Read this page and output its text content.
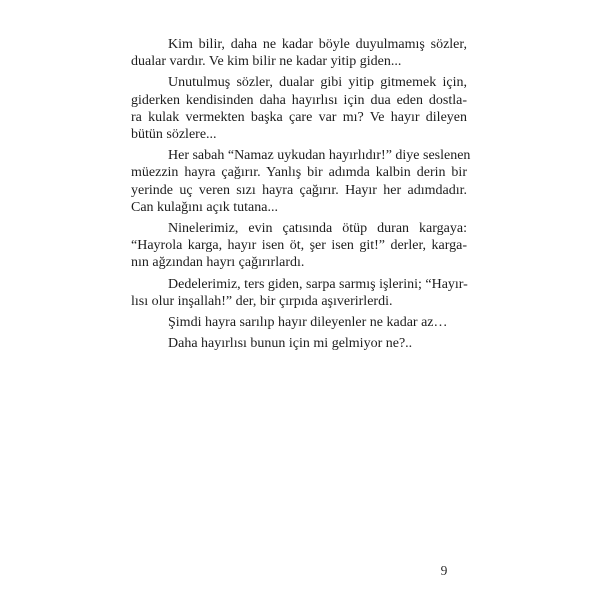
Kim bilir, daha ne kadar böyle duyulmamış sözler,
dualar vardır. Ve kim bilir ne kadar yitip giden...
Unutulmuş sözler, dualar gibi yitip gitmemek için,
giderken kendisinden daha hayırlısı için dua eden dostla-
ra kulak vermekten başka çare var mı? Ve hayır dileyen
bütün sözlere...
Her sabah “Namaz uykudan hayırlıdır!” diye seslenen
müezzin hayra çağırır. Yanlış bir adımda kalbin derin bir
yerinde uç veren sızı hayra çağırır. Hayır her adımdadır.
Can kulağını açık tutana...
Ninelerimiz, evin çatısında ötüp duran kargaya:
“Hayrola karga, hayır isen öt, şer isen git!” derler, karga-
nın ağzından hayrı çağırırlardı.
Dedelerimiz, ters giden, sarpa sarmış işlerini; “Hayır-
lısı olur inşallah!” der, bir çırpıda aşıverirlerdi.
Şimdi hayra sarılıp hayır dileyenler ne kadar az…
Daha hayırlısı bunun için mi gelmiyor ne?..
9
